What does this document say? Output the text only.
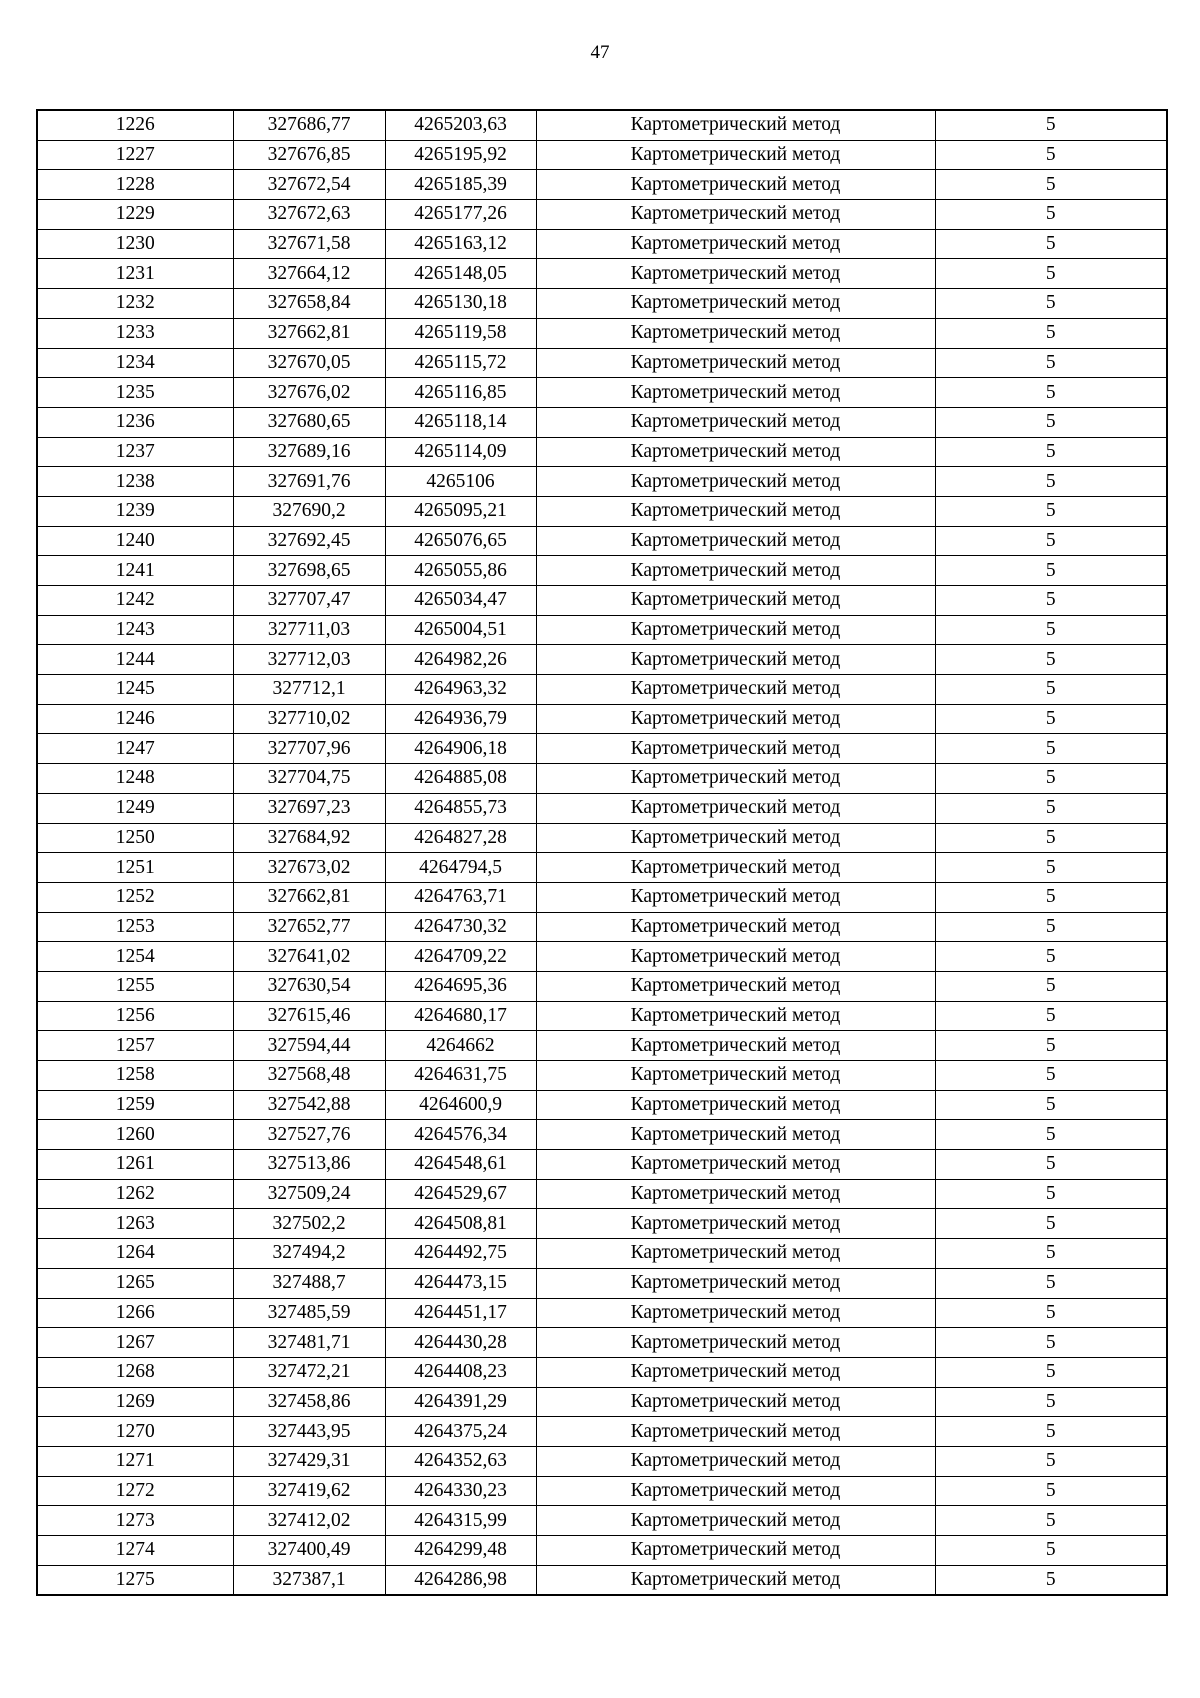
47
1226	327686,77	4265203,63	Картометрический метод	5
1227	327676,85	4265195,92	Картометрический метод	5
1228	327672,54	4265185,39	Картометрический метод	5
1229	327672,63	4265177,26	Картометрический метод	5
1230	327671,58	4265163,12	Картометрический метод	5
1231	327664,12	4265148,05	Картометрический метод	5
1232	327658,84	4265130,18	Картометрический метод	5
1233	327662,81	4265119,58	Картометрический метод	5
1234	327670,05	4265115,72	Картометрический метод	5
1235	327676,02	4265116,85	Картометрический метод	5
1236	327680,65	4265118,14	Картометрический метод	5
1237	327689,16	4265114,09	Картометрический метод	5
1238	327691,76	4265106	Картометрический метод	5
1239	327690,2	4265095,21	Картометрический метод	5
1240	327692,45	4265076,65	Картометрический метод	5
1241	327698,65	4265055,86	Картометрический метод	5
1242	327707,47	4265034,47	Картометрический метод	5
1243	327711,03	4265004,51	Картометрический метод	5
1244	327712,03	4264982,26	Картометрический метод	5
1245	327712,1	4264963,32	Картометрический метод	5
1246	327710,02	4264936,79	Картометрический метод	5
1247	327707,96	4264906,18	Картометрический метод	5
1248	327704,75	4264885,08	Картометрический метод	5
1249	327697,23	4264855,73	Картометрический метод	5
1250	327684,92	4264827,28	Картометрический метод	5
1251	327673,02	4264794,5	Картометрический метод	5
1252	327662,81	4264763,71	Картометрический метод	5
1253	327652,77	4264730,32	Картометрический метод	5
1254	327641,02	4264709,22	Картометрический метод	5
1255	327630,54	4264695,36	Картометрический метод	5
1256	327615,46	4264680,17	Картометрический метод	5
1257	327594,44	4264662	Картометрический метод	5
1258	327568,48	4264631,75	Картометрический метод	5
1259	327542,88	4264600,9	Картометрический метод	5
1260	327527,76	4264576,34	Картометрический метод	5
1261	327513,86	4264548,61	Картометрический метод	5
1262	327509,24	4264529,67	Картометрический метод	5
1263	327502,2	4264508,81	Картометрический метод	5
1264	327494,2	4264492,75	Картометрический метод	5
1265	327488,7	4264473,15	Картометрический метод	5
1266	327485,59	4264451,17	Картометрический метод	5
1267	327481,71	4264430,28	Картометрический метод	5
1268	327472,21	4264408,23	Картометрический метод	5
1269	327458,86	4264391,29	Картометрический метод	5
1270	327443,95	4264375,24	Картометрический метод	5
1271	327429,31	4264352,63	Картометрический метод	5
1272	327419,62	4264330,23	Картометрический метод	5
1273	327412,02	4264315,99	Картометрический метод	5
1274	327400,49	4264299,48	Картометрический метод	5
1275	327387,1	4264286,98	Картометрический метод	5
